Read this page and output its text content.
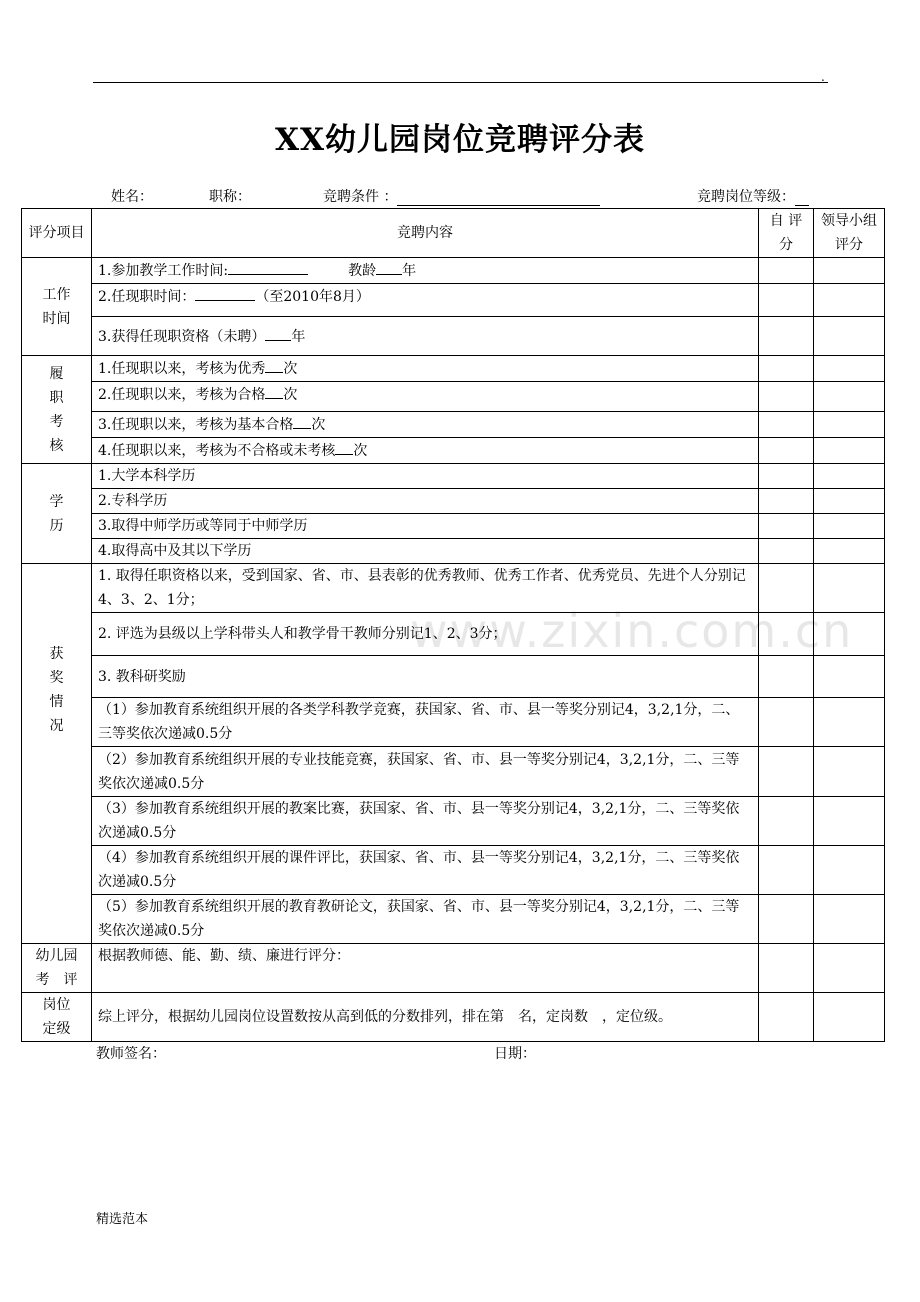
.
XX幼儿园岗位竞聘评分表
姓名：	职称：	竞聘条件 ：	竞聘岗位等级：
www.zixin.com.cn
评分项目	竞聘内容	自 评 分	领导小组评分

工作时间	1.参加教学工作时间: 教龄 年		
	2.任现职时间： （至2010年8月）		
	3.获得任现职资格（未聘） 年		

履职考核	1.任现职以来，考核为优秀 次		
	2.任现职以来，考核为合格 次		
	3.任现职以来，考核为基本合格 次		
	4.任现职以来，考核为不合格或未考核 次		

学历	1.大学本科学历		
	2.专科学历		
	3.取得中师学历或等同于中师学历		
	4.取得高中及其以下学历		

获奖情况	1. 取得任职资格以来，受到国家、省、市、县表彰的优秀教师、优秀工作者、优秀党员、先进个人分别记4、3、2、1分；		
	2. 评选为县级以上学科带头人和教学骨干教师分别记1、2、3分；		
	3. 教科研奖励		
	（1）参加教育系统组织开展的各类学科教学竞赛，获国家、省、市、县一等奖分别记4，3,2,1分，二、三等奖依次递减0.5分		
	（2）参加教育系统组织开展的专业技能竞赛，获国家、省、市、县一等奖分别记4，3,2,1分，二、三等奖依次递减0.5分		
	（3）参加教育系统组织开展的教案比赛，获国家、省、市、县一等奖分别记4，3,2,1分，二、三等奖依次递减0.5分		
	（4）参加教育系统组织开展的课件评比，获国家、省、市、县一等奖分别记4，3,2,1分，二、三等奖依次递减0.5分		
	（5）参加教育系统组织开展的教育教研论文，获国家、省、市、县一等奖分别记4，3,2,1分，二、三等奖依次递减0.5分		

幼儿园
考　评	根据教师德、能、勤、绩、廉进行评分：		

岗位
定级	综上评分，根据幼儿园岗位设置数按从高到低的分数排列，排在第　名，定岗数　，定位级。		
教师签名：	日期：
精选范本
